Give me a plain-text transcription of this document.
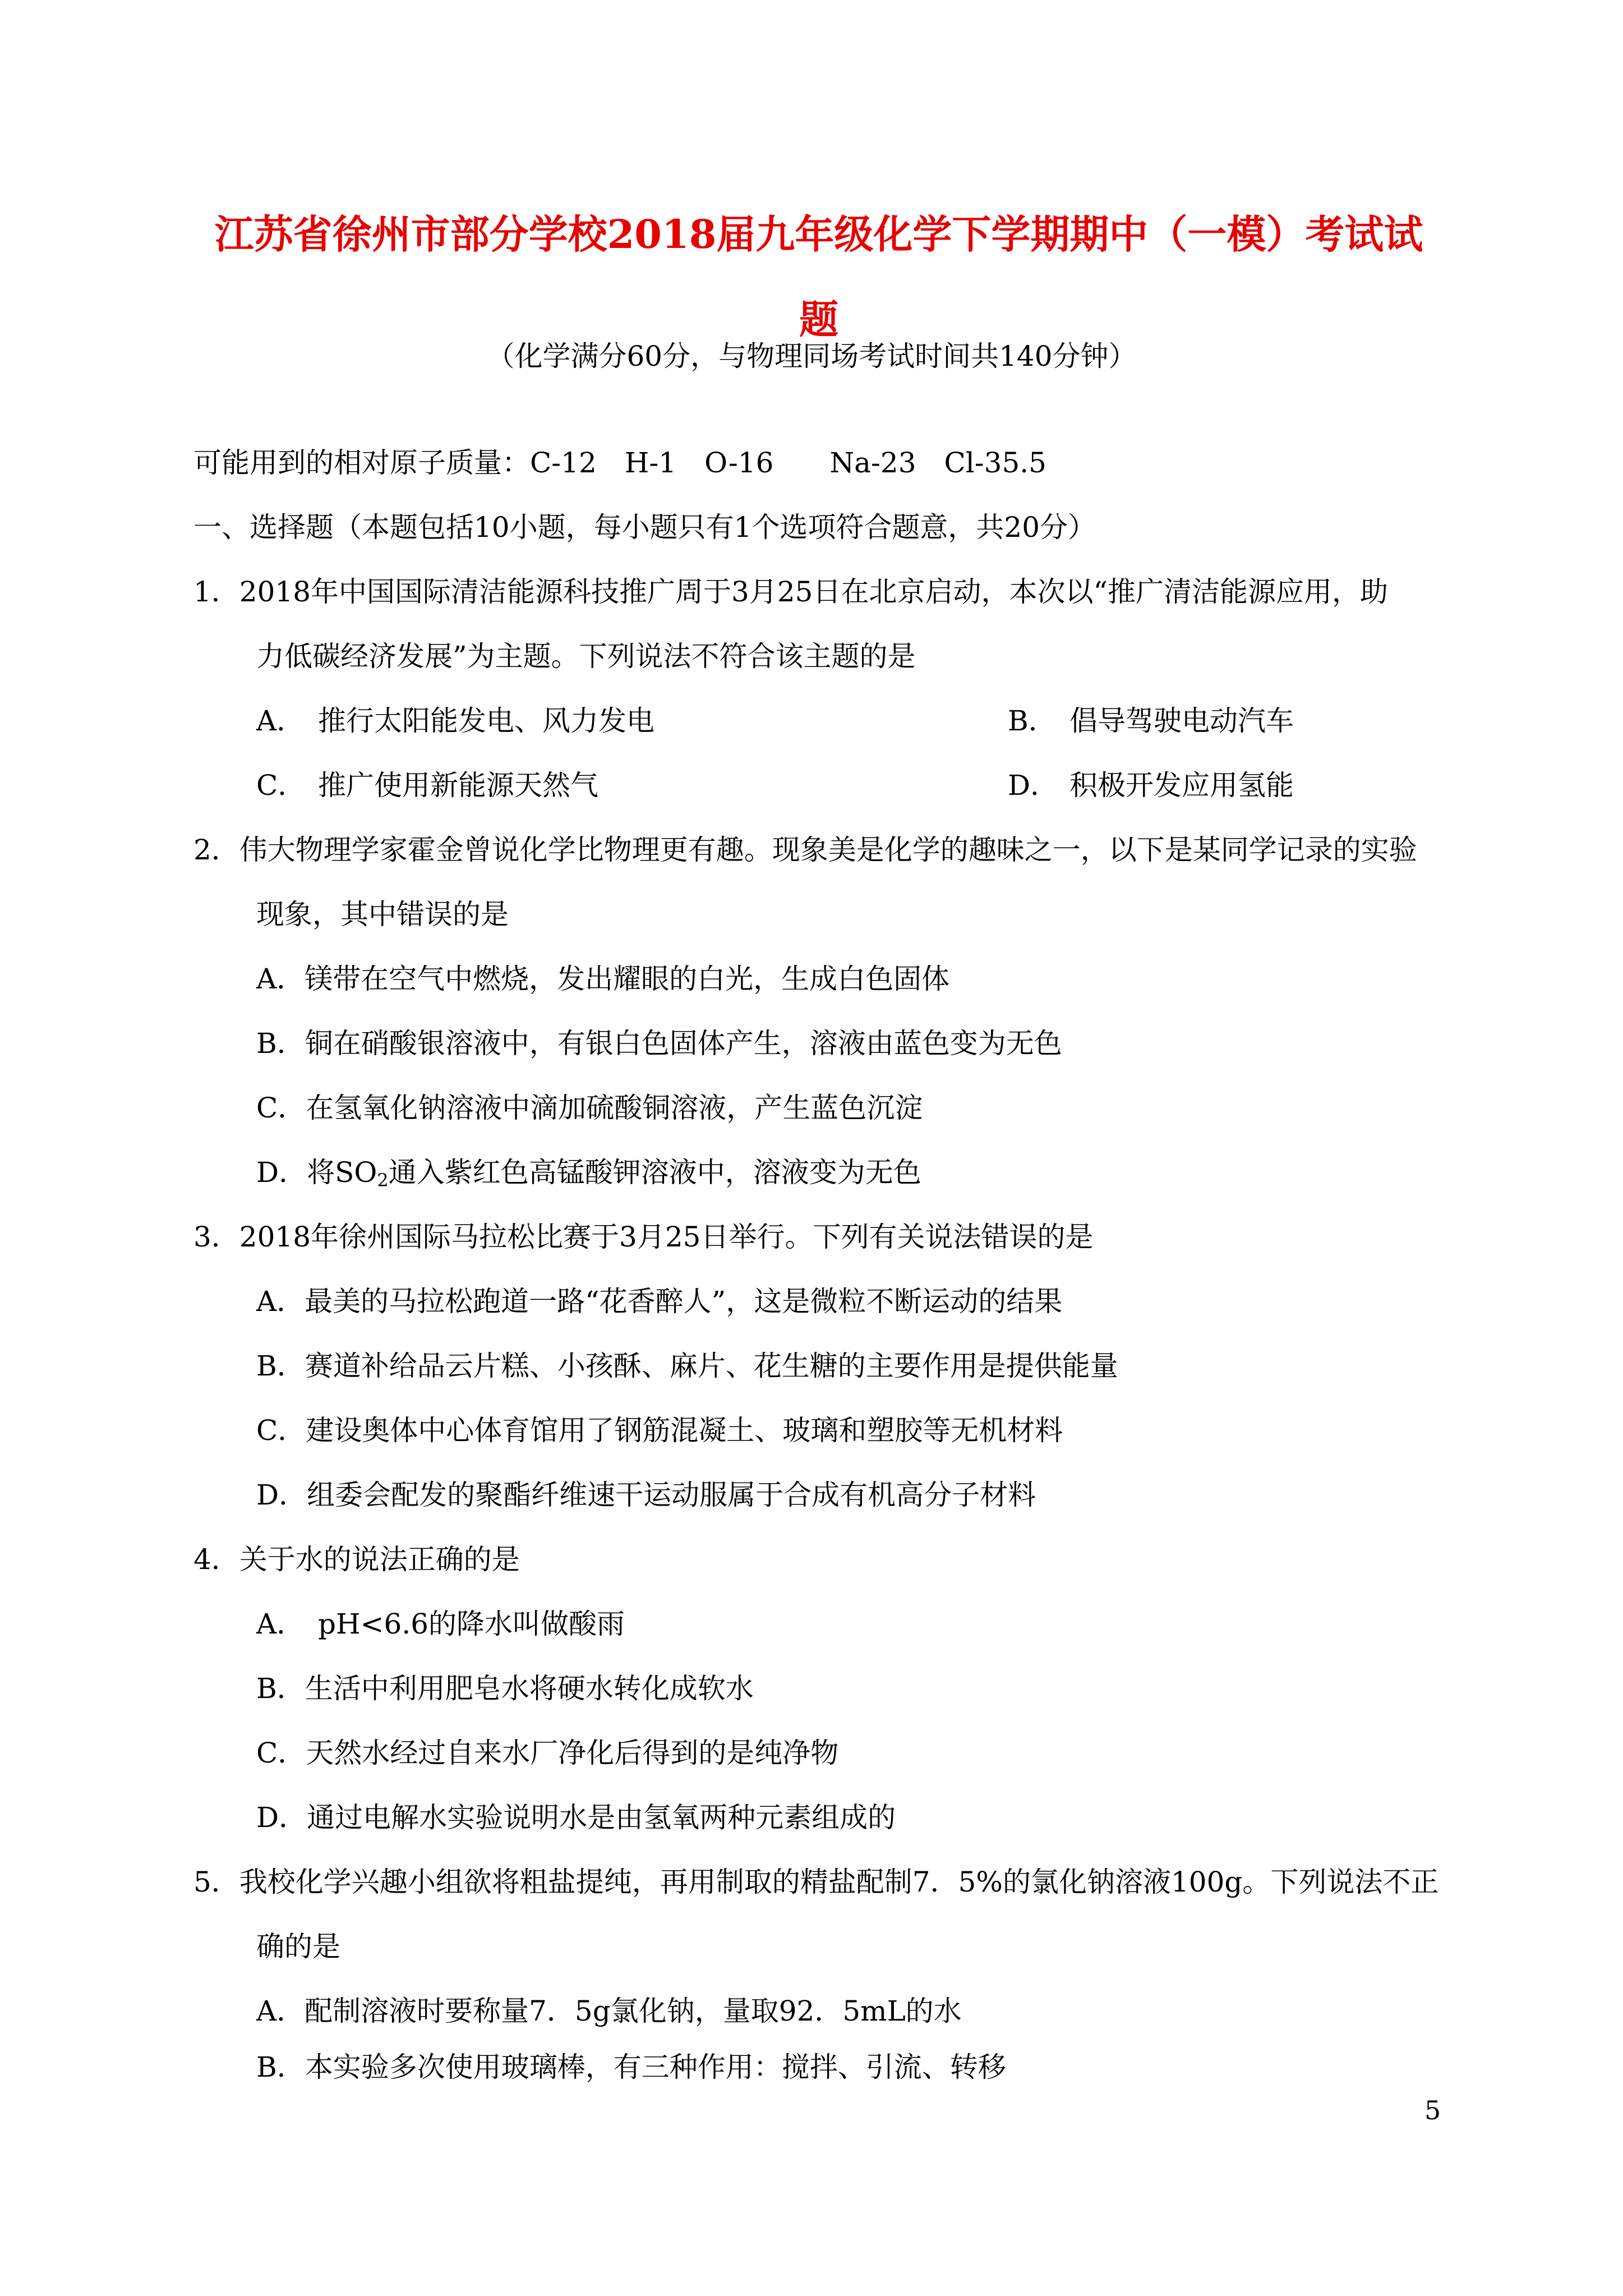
江苏省徐州市部分学校2018届九年级化学下学期期中（一模）考试试
题
（化学满分60分，与物理同场考试时间共140分钟）
可能用到的相对原子质量：C-12　H-1　O-16　　Na-23　Cl-35.5
一、选择题（本题包括10小题，每小题只有1个选项符合题意，共20分）
1．2018年中国国际清洁能源科技推广周于3月25日在北京启动，本次以“推广清洁能源应用，助
力低碳经济发展”为主题。下列说法不符合该主题的是
A． 推行太阳能发电、风力发电	B． 倡导驾驶电动汽车
C． 推广使用新能源天然气	D． 积极开发应用氢能
2．伟大物理学家霍金曾说化学比物理更有趣。现象美是化学的趣味之一，以下是某同学记录的实验
现象，其中错误的是
A．镁带在空气中燃烧，发出耀眼的白光，生成白色固体
B．铜在硝酸银溶液中，有银白色固体产生，溶液由蓝色变为无色
C．在氢氧化钠溶液中滴加硫酸铜溶液，产生蓝色沉淀
D．将$SO_2$通入紫红色高锰酸钾溶液中，溶液变为无色
3．2018年徐州国际马拉松比赛于3月25日举行。下列有关说法错误的是
A．最美的马拉松跑道一路“花香醉人”，这是微粒不断运动的结果
B．赛道补给品云片糕、小孩酥、麻片、花生糖的主要作用是提供能量
C．建设奥体中心体育馆用了钢筋混凝土、玻璃和塑胶等无机材料
D．组委会配发的聚酯纤维速干运动服属于合成有机高分子材料
4．关于水的说法正确的是
A． pH<6.6的降水叫做酸雨
B．生活中利用肥皂水将硬水转化成软水
C．天然水经过自来水厂净化后得到的是纯净物
D．通过电解水实验说明水是由氢氧两种元素组成的
5．我校化学兴趣小组欲将粗盐提纯，再用制取的精盐配制7．5%的氯化钠溶液100g。下列说法不正
确的是
A．配制溶液时要称量7．5g氯化钠，量取92．5mL的水
B．本实验多次使用玻璃棒，有三种作用：搅拌、引流、转移
5
